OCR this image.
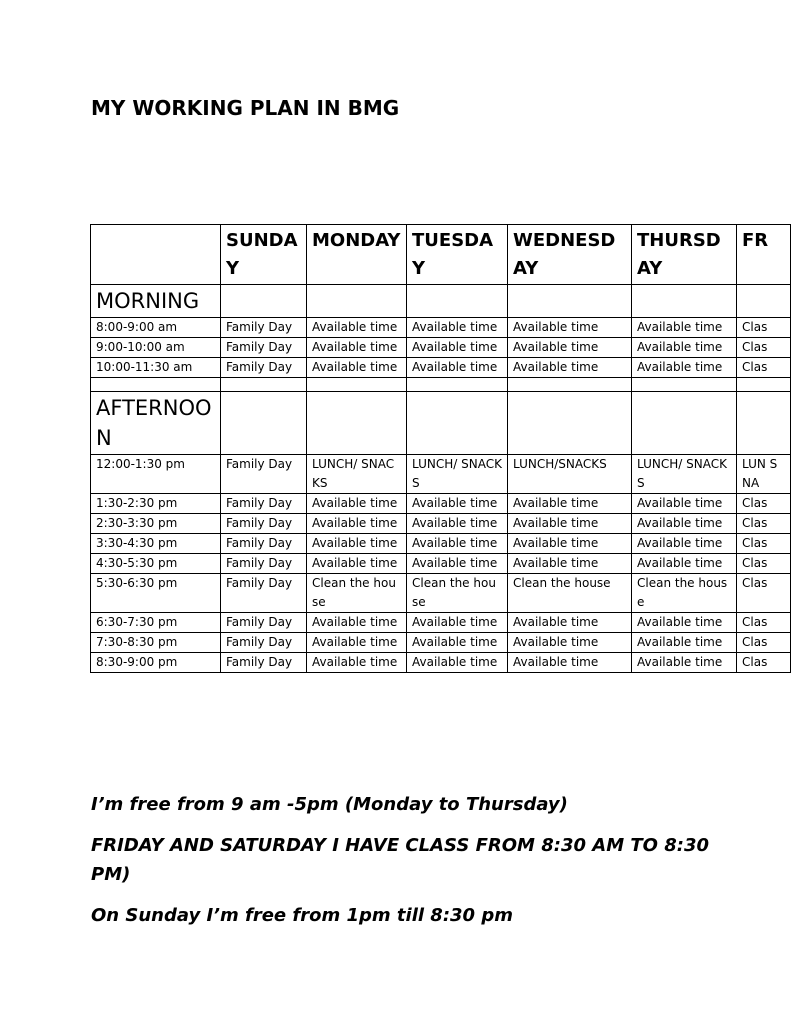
MY WORKING PLAN IN BMG
	SUNDAY	MONDAY	TUESDAY	WEDNESDAY	THURSDAY	FR
MORNING						
8:00-9:00 am	Family Day	Available time	Available time	Available time	Available time	Clas
9:00-10:00 am	Family Day	Available time	Available time	Available time	Available time	Clas
10:00-11:30 am	Family Day	Available time	Available time	Available time	Available time	Clas

AFTERNOON						
12:00-1:30 pm	Family Day	LUNCH/ SNACKS	LUNCH/ SNACKS	LUNCH/SNACKS	LUNCH/ SNACKS	LUN SNA
1:30-2:30 pm	Family Day	Available time	Available time	Available time	Available time	Clas
2:30-3:30 pm	Family Day	Available time	Available time	Available time	Available time	Clas
3:30-4:30 pm	Family Day	Available time	Available time	Available time	Available time	Clas
4:30-5:30 pm	Family Day	Available time	Available time	Available time	Available time	Clas
5:30-6:30 pm	Family Day	Clean the house	Clean the house	Clean the house	Clean the house	Clas
6:30-7:30 pm	Family Day	Available time	Available time	Available time	Available time	Clas
7:30-8:30 pm	Family Day	Available time	Available time	Available time	Available time	Clas
8:30-9:00 pm	Family Day	Available time	Available time	Available time	Available time	Clas

I’m free from 9 am -5pm (Monday to Thursday)

FRIDAY AND SATURDAY I HAVE CLASS FROM 8:30 AM TO 8:30 PM)

On Sunday I’m free from 1pm till 8:30 pm
